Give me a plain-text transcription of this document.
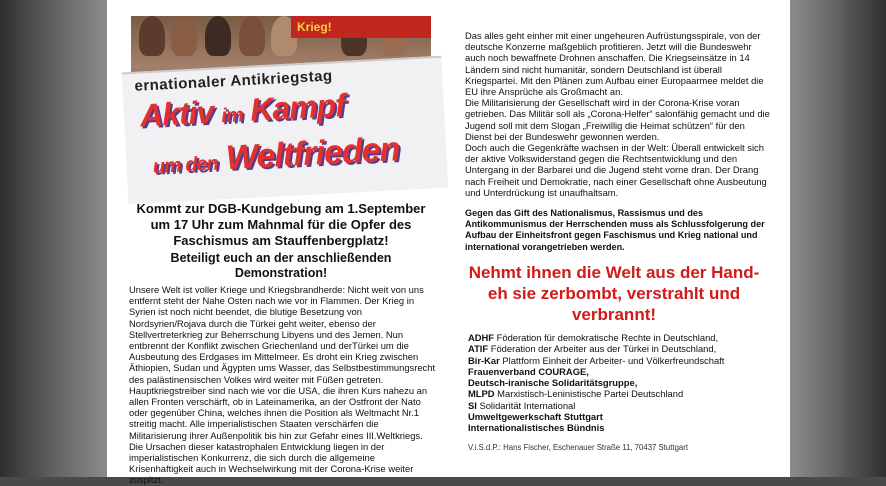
Krieg!
ernationaler Antikriegstag
Aktiv im Kampf
um den Weltfrieden
Kommt zur DGB-Kundgebung am 1.September
um 17 Uhr zum Mahnmal für die Opfer des
Faschismus am Stauffenbergplatz!
Beteiligt euch an der anschließenden
Demonstration!
Unsere Welt ist voller Kriege und Kriegsbrandherde: Nicht weit von uns entfernt steht der Nahe Osten nach wie vor in Flammen. Der Krieg in Syrien ist noch nicht beendet, die blutige Besetzung von Nordsyrien/Rojava durch die Türkei geht weiter, ebenso der Stellvertreterkrieg zur Beherrschung Libyens und des Jemen. Nun entbrennt der Konflikt zwischen Griechenland und derTürkei um die Ausbeutung des Erdgases im Mittelmeer. Es droht ein Krieg zwischen Äthiopien, Sudan und Ägypten ums Wasser, das Selbstbestimmungsrecht des palästinensischen Volkes wird weiter mit Füßen getreten. Hauptkriegstreiber sind nach wie vor die USA, die ihren Kurs nahezu an allen Fronten verschärft, ob in Lateinamerika, an der Ostfront der Nato oder gegenüber China, welches ihnen die Position als Weltmacht Nr.1 streitig macht. Alle imperialistischen Staaten verschärfen die Militarisierung ihrer Außenpolitik bis hin zur Gefahr eines III.Weltkriegs. Die Ursachen dieser katastrophalen Entwicklung liegen in der imperialistischen Konkurrenz, die sich durch die allgemeine Krisenhaftigkeit auch in Wechselwirkung mit der Corona-Krise weiter zuspitzt.

Das alles geht einher mit einer ungeheuren Aufrüstungsspirale, von der deutsche Konzerne maßgeblich profitieren. Jetzt will die Bundeswehr auch noch bewaffnete Drohnen anschaffen. Die Kriegseinsätze in 14 Ländern sind nicht humanitär, sondern Deutschland ist überall Kriegspartei. Mit den Plänen zum Aufbau einer Europaarmee meldet die EU ihre Ansprüche als Großmacht an.

Die Militarisierung der Gesellschaft wird in der Corona-Krise voran getrieben. Das Militär soll als „Corona-Helfer“ salonfähig gemacht und die Jugend soll mit dem Slogan „Freiwillig die Heimat schützen“ für den Dienst bei der Bundeswehr gewonnen werden.

Doch auch die Gegenkräfte wachsen in der Welt: Überall entwickelt sich der aktive Volkswiderstand gegen die Rechtsentwicklung und den Untergang in der Barbarei und die Jugend steht vorne dran. Der Drang nach Freiheit und Demokratie, nach einer Gesellschaft ohne Ausbeutung und Unterdrückung ist unaufhaltsam.

Gegen das Gift des Nationalismus, Rassismus und des Antikommunismus der Herrschenden muss als Schlussfolgerung der Aufbau der Einheitsfront gegen Faschismus und Krieg national und international vorangetrieben werden.
Nehmt ihnen die Welt aus der Hand-
eh sie zerbombt, verstrahlt und
verbrannt!
ADHF Föderation für demokratische Rechte in Deutschland,
ATIF Föderation der Arbeiter aus der Türkei in Deutschland,
Bir-Kar Plattform Einheit der Arbeiter- und Völkerfreundschaft
Frauenverband COURAGE,
Deutsch-iranische Solidaritätsgruppe,
MLPD Marxistisch-Leninistische Partei Deutschland
SI Solidarität International
Umweltgewerkschaft Stuttgart
Internationalistisches Bündnis
V.i.S.d.P.: Hans Fischer, Eschenauer Straße 11, 70437 Stuttgart
